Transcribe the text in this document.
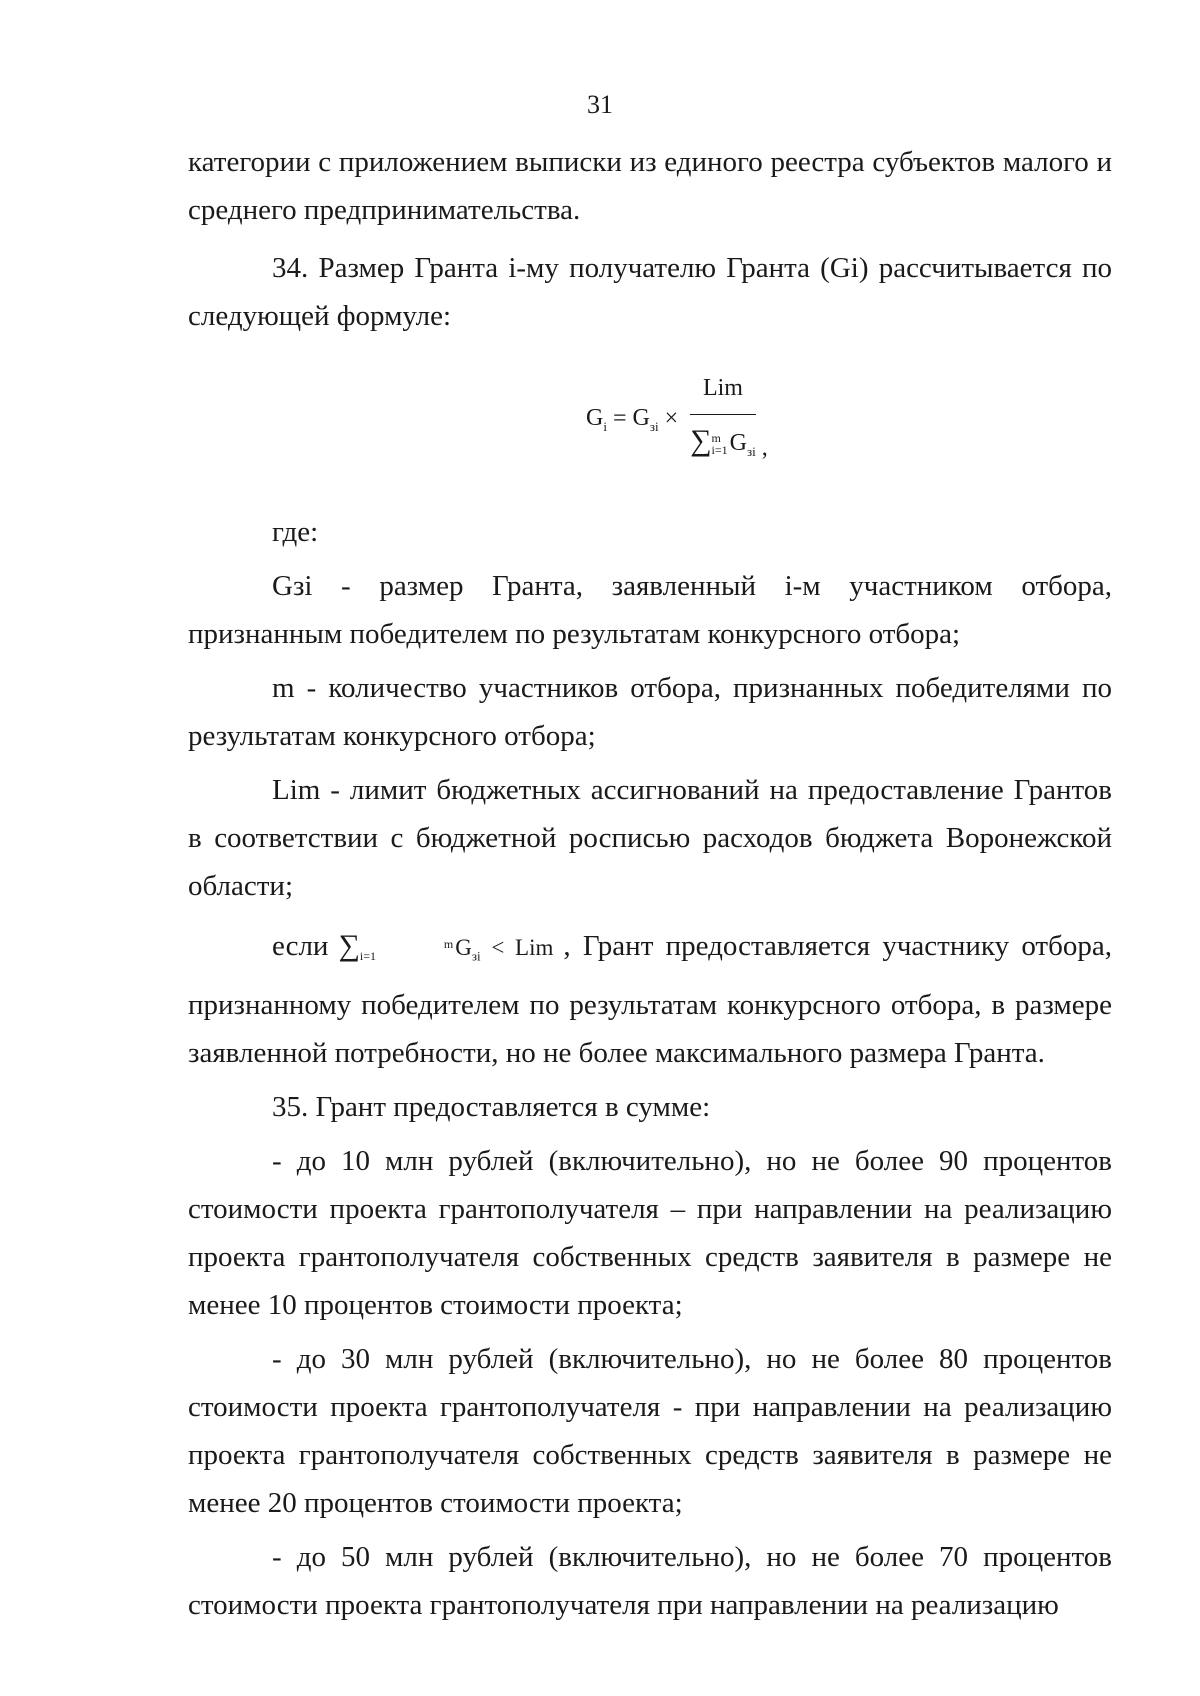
31

категории с приложением выписки из единого реестра субъектов малого и среднего предпринимательства.

34. Размер Гранта i-му получателю Гранта (Gi) рассчитывается по следующей формуле:

$G_i = G_{зi}$ ×
Lim
∑m
$i=1G_{зi}$ ,

где:

Gзi - размер Гранта, заявленный i-м участником отбора, признанным победителем по результатам конкурсного отбора;

m - количество участников отбора, признанных победителями по результатам конкурсного отбора;

Lim - лимит бюджетных ассигнований на предоставление Грантов в соответствии с бюджетной росписью расходов бюджета Воронежской области;

если ∑	m
i=1	$G_{зi}$ < Lim , Грант предоставляется участнику отбора, признанному победителем по результатам конкурсного отбора, в размере заявленной потребности, но не более максимального размера Гранта.

35. Грант предоставляется в сумме:

- до 10 млн рублей (включительно), но не более 90 процентов стоимости проекта грантополучателя – при направлении на реализацию проекта грантополучателя собственных средств заявителя в размере не менее 10 процентов стоимости проекта;

- до 30 млн рублей (включительно), но не более 80 процентов стоимости проекта грантополучателя - при направлении на реализацию проекта грантополучателя собственных средств заявителя в размере не менее 20 процентов стоимости проекта;

- до 50 млн рублей (включительно), но не более 70 процентов стоимости проекта грантополучателя при направлении на реализацию
